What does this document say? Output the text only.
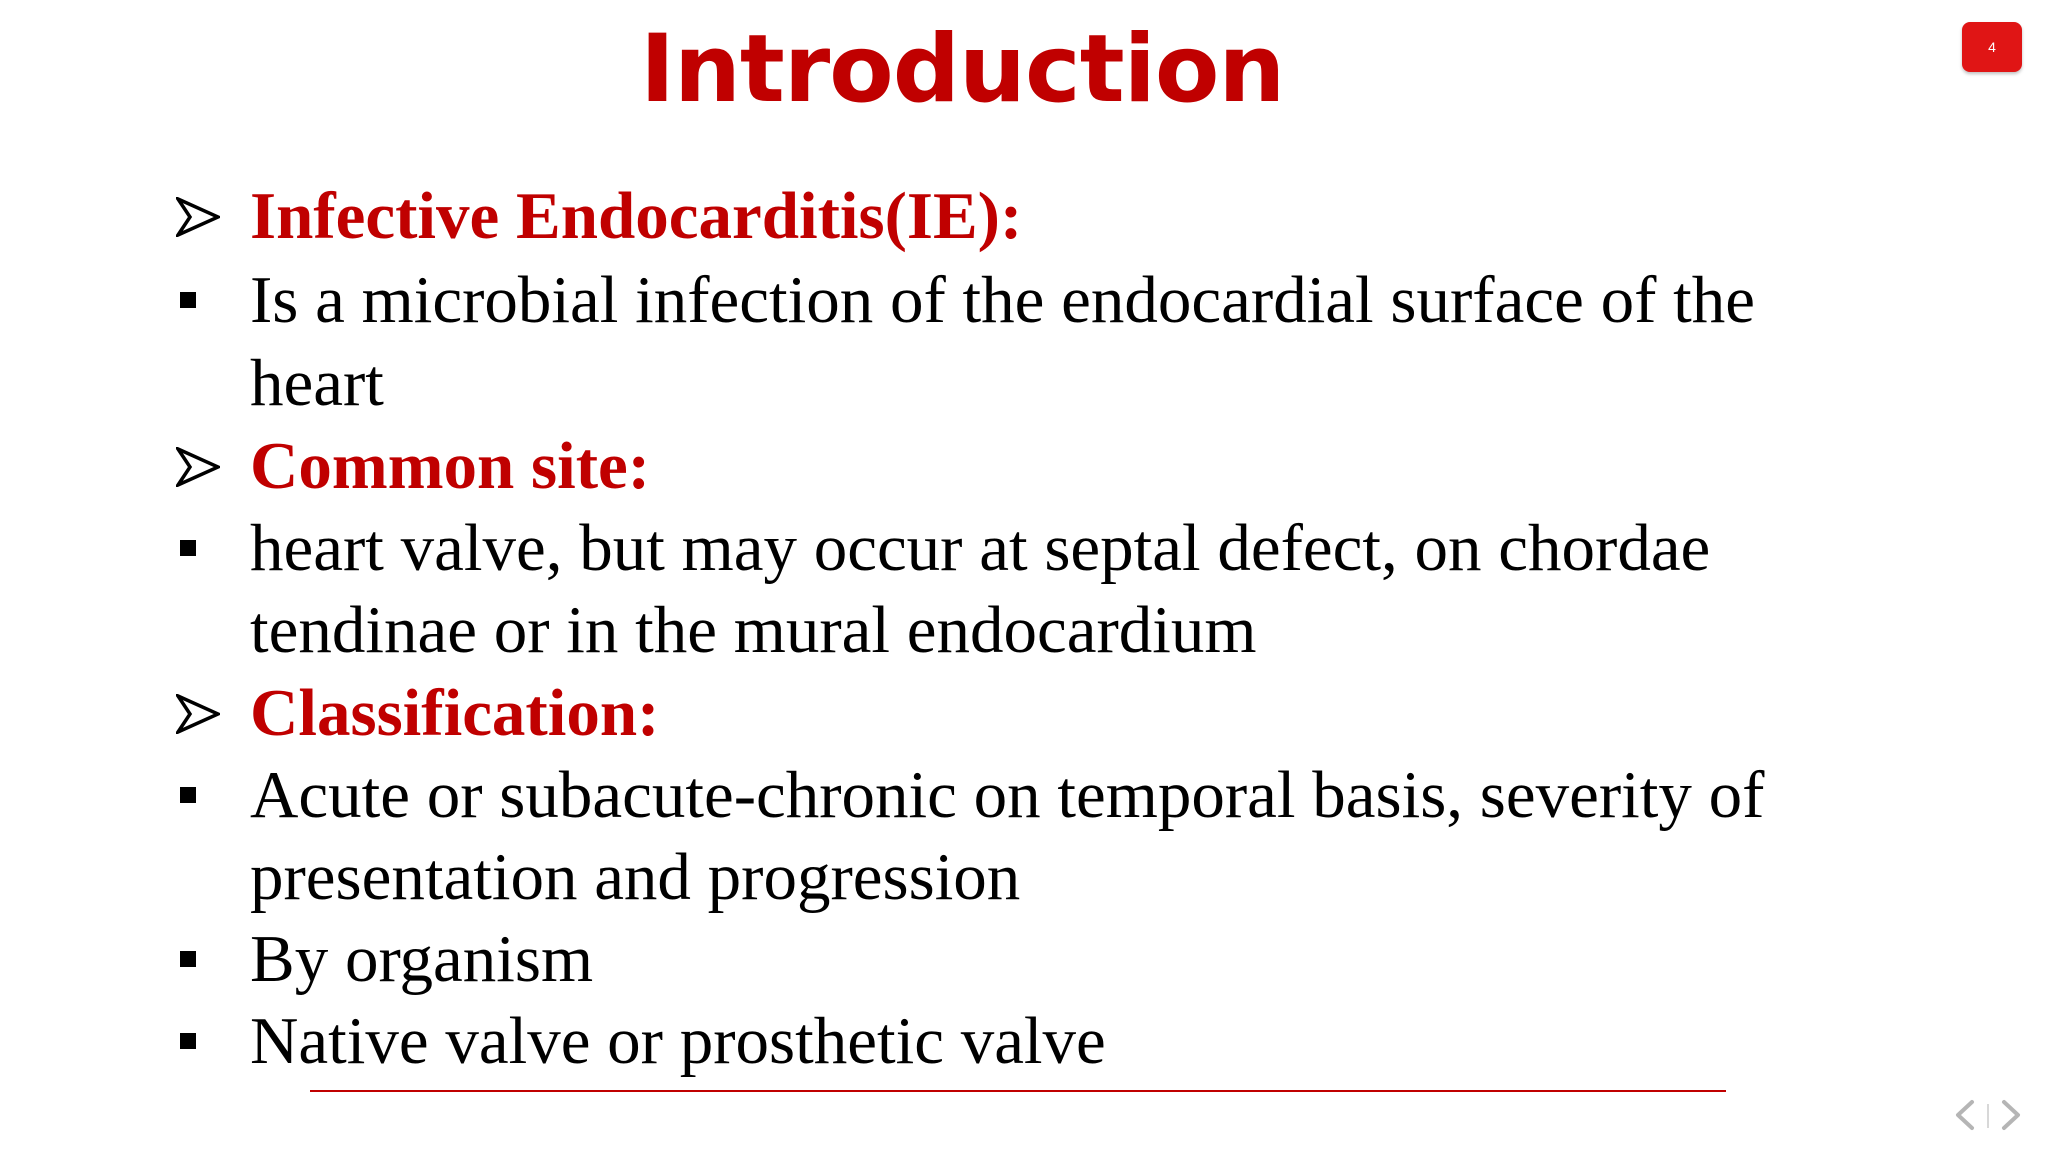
Introduction	4
Infective Endocarditis(IE):
Is a microbial infection of the endocardial surface of the
heart
Common site:
heart valve, but may occur at septal defect, on chordae
tendinae or in the mural endocardium
Classification:
Acute or subacute-chronic on temporal basis, severity of
presentation and progression
By organism
Native valve or prosthetic valve
